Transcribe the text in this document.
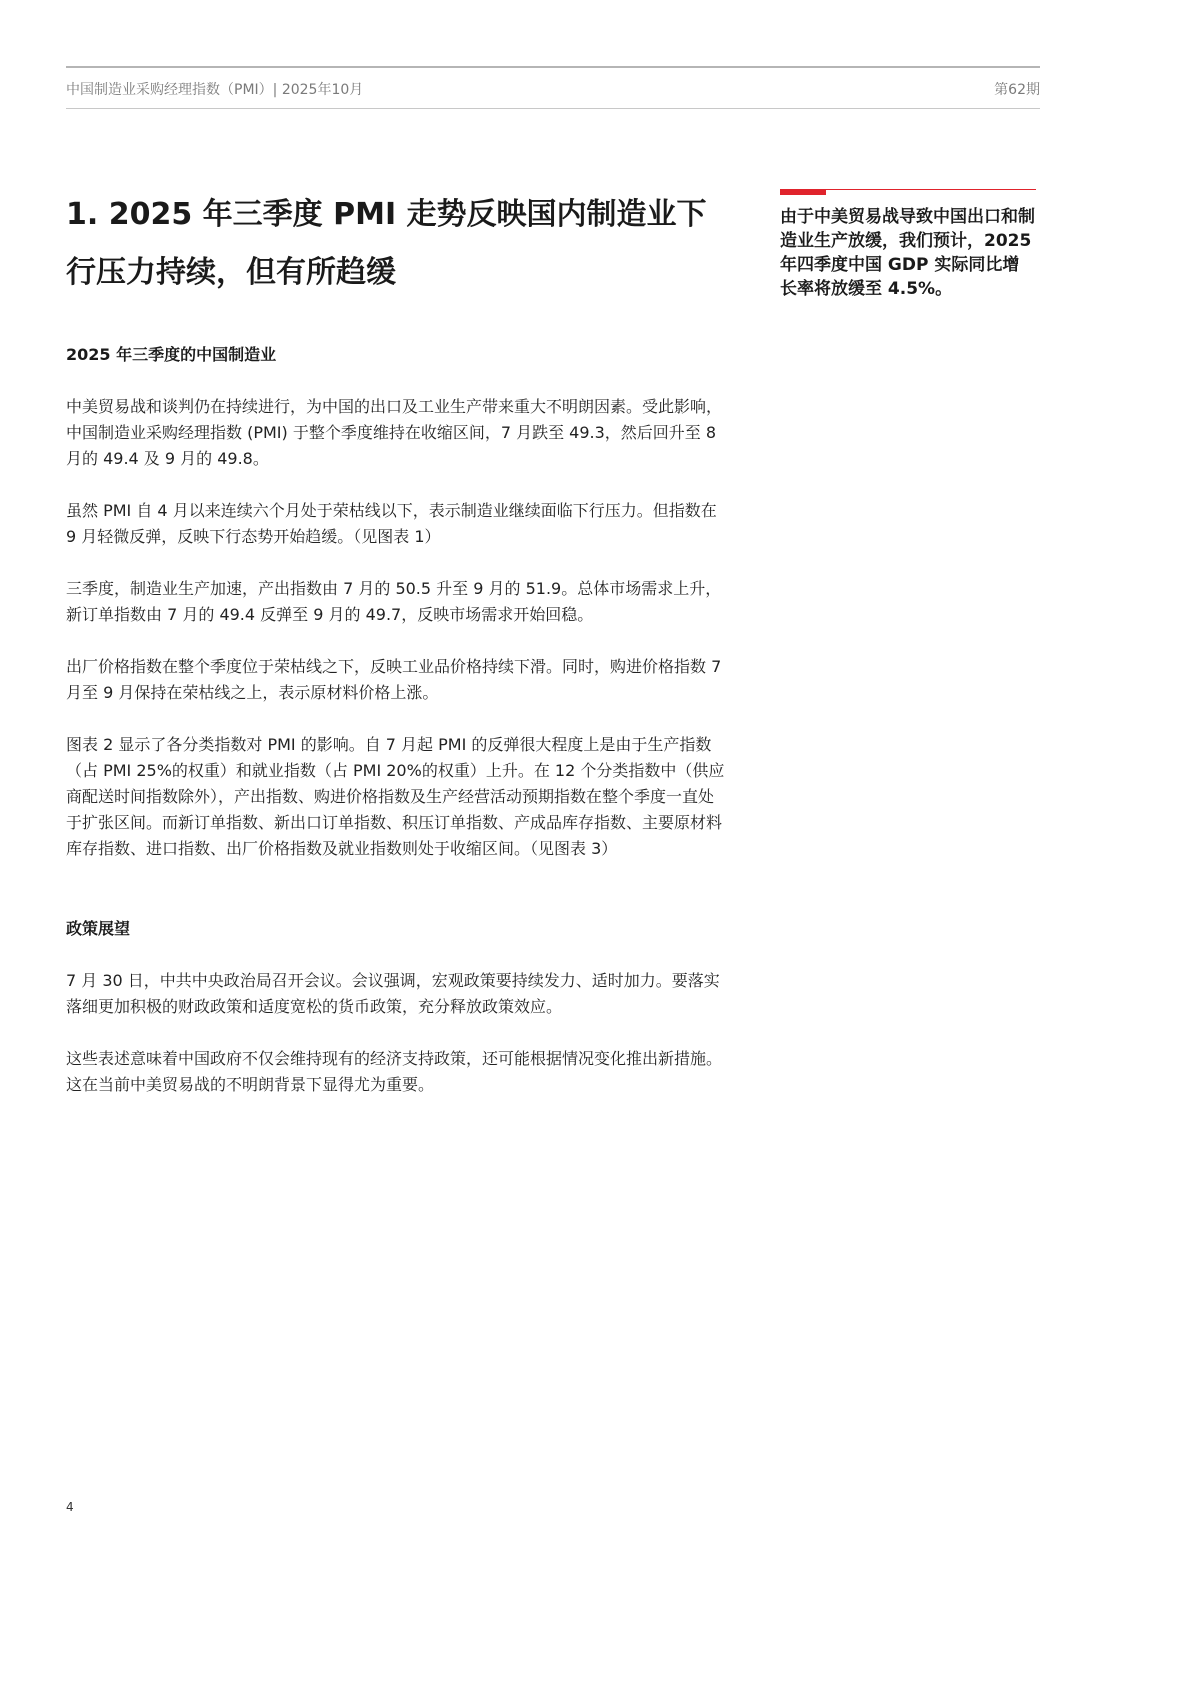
中国制造业采购经理指数（PMI）| 2025年10月	第62期
1. 2025 年三季度 PMI 走势反映国内制造业下行压力持续，但有所趋缓
2025 年三季度的中国制造业

中美贸易战和谈判仍在持续进行，为中国的出口及工业生产带来重大不明朗因素。受此影响，中国制造业采购经理指数 (PMI) 于整个季度维持在收缩区间，7 月跌至 49.3，然后回升至 8 月的 49.4 及 9 月的 49.8。

虽然 PMI 自 4 月以来连续六个月处于荣枯线以下，表示制造业继续面临下行压力。但指数在 9 月轻微反弹，反映下行态势开始趋缓。（见图表 1）

三季度，制造业生产加速，产出指数由 7 月的 50.5 升至 9 月的 51.9。总体市场需求上升，新订单指数由 7 月的 49.4 反弹至 9 月的 49.7，反映市场需求开始回稳。

出厂价格指数在整个季度位于荣枯线之下，反映工业品价格持续下滑。同时，购进价格指数 7 月至 9 月保持在荣枯线之上，表示原材料价格上涨。

图表 2 显示了各分类指数对 PMI 的影响。自 7 月起 PMI 的反弹很大程度上是由于生产指数（占 PMI 25%的权重）和就业指数（占 PMI 20%的权重）上升。在 12 个分类指数中（供应商配送时间指数除外），产出指数、购进价格指数及生产经营活动预期指数在整个季度一直处于扩张区间。而新订单指数、新出口订单指数、积压订单指数、产成品库存指数、主要原材料库存指数、进口指数、出厂价格指数及就业指数则处于收缩区间。（见图表 3）

政策展望

7 月 30 日，中共中央政治局召开会议。会议强调，宏观政策要持续发力、适时加力。要落实落细更加积极的财政政策和适度宽松的货币政策，充分释放政策效应。

这些表述意味着中国政府不仅会维持现有的经济支持政策，还可能根据情况变化推出新措施。这在当前中美贸易战的不明朗背景下显得尤为重要。

由于中美贸易战导致中国出口和制造业生产放缓，我们预计，2025 年四季度中国 GDP 实际同比增长率将放缓至 4.5%。

4
